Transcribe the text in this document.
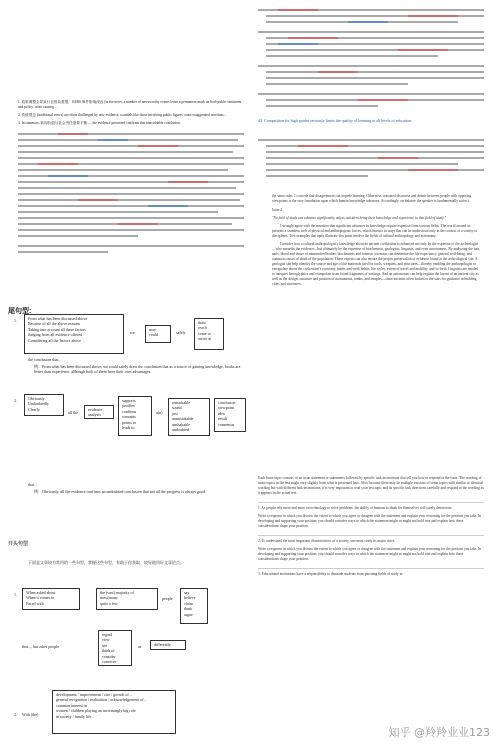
1. 政策调整会导致行业格局重塑，SARS 事件影响深远 (in the news, a number of newsworthy events leave a permanent mark on both public sentiment and policy, often causing...

2. 传统观念 (traditional views) are often challenged by new evidence; scandals like those involving public figures cause exaggerated reactions...

3. In summary, 新闻价值与社会责任需要平衡 — the evidence presented confirms this unavoidable conclusion.	43. Competition for high grades seriously limits the quality of learning at all levels of education.

the same rules. I concede that disagreement can impede learning. Otherwise, reasoned discourse and debate between people with opposing viewpoints is the very foundation upon which human knowledge advances. Accordingly, on balance the speaker is fundamentally correct.

Issue 2

"No field of study can advance significantly unless outsiders bring their knowledge and experience to that field of study."

I strongly agree with the assertion that significant advances in knowledge require expertise from various fields. The world around us presents a seamless web of physical and anthropogenic forces, which interact in ways that can be understood only in the context of a variety of disciplines. Two examples that aptly illustrate this point involve the fields of cultural anthropology and astronomy.

Consider how a cultural anthropologist's knowledge about an ancient civilization is enhanced not only by the expertise of the archeologist—who unearths the evidence—but ultimately by the expertise of biochemists, geologists, linguists, and even astronomers. By analyzing the hair, nails, blood and tissue of mummified bodies, biochemists and forensic scientists can determine the life expectancy, general well-being, and common causes of death of the population. These experts can also ensure the proper preservation of evidence found at the archeological site. A geologist can help identify the source and age of the materials used for tools, weapons, and structures—thereby enabling the anthropologist to extrapolate about the civilization's economy, trades and work habits, life styles, extent of travel and mobility, and so forth. Linguists are needed to interpret hieroglyphics and extrapolate from found fragments of writings. And an astronomer can help explain the layout of an ancient city as well as the design, structure and position of monuments, tombs, and temples—since ancients often looked to the stars for guidance in building cities and structures.

尾句型:
1.	From what has been discussed above
Because of all the above reasons
Taking into account all these factors
Judging from all evidence offered
Considering all the factors above
we
may
could	safely
draw
reach
come to
arrive at
the conclusion that...
例：From what has been discussed above, we could safely draw the conclusion that as a source of gaining knowledge, books are better than experience, although both of them have their own advantages.
2.	Obviously
Undoubtedly
Clearly
all the
evidence
analysis
supports
justifies
confirms
warrants
points to
leads to
a(n)
remarkable
sound
just
unmistakable
unshakable
undoubted
conclusion
viewpoint
idea
result
consensus
that...
例：Obviously, all the evidence confirms an undoubted conclusion that not all the progress is always good.
开头句型
下面是文章较为常用的一些句型，掌握这些句型，有助于你获取、较好地用好文章论点。
1. When asked about
When it comes to
Faced with
the (vast) majority of
most/many
quite a few
people
say
believe
claim
think
argue
that..., but other people
regard
view
see
think of
consider
conceive
as	differently
2. With (the)
development / improvement / rise / growth of...
general recognition / realization / acknowledgement of...
common interest in
women / children playing an increasingly big role
in society / family life,

Each Issue topic consists of an issue statement or statements followed by specific task instructions that tell you how to respond to the issue. The wording of some topics in the test might vary slightly from what is presented here. Also, because there may be multiple versions of some topics with similar or identical wording but with different task instructions, it is very important to read your test topic and its specific task directions carefully and respond to the wording as it appears in the actual test.

1. As people rely more and more on technology to solve problems, the ability of humans to think for themselves will surely deteriorate.

Write a response in which you discuss the extent to which you agree or disagree with the statement and explain your reasoning for the position you take. In developing and supporting your position, you should consider ways in which the statement might or might not hold true and explain how these considerations shape your position.

2. To understand the most important characteristics of a society, one must study its major cities.

Write a response in which you discuss the extent to which you agree or disagree with the statement and explain your reasoning for the position you take. In developing and supporting your position, you should consider ways in which the statement might or might not hold true and explain how these considerations shape your position.

3. Educational institutions have a responsibility to dissuade students from pursuing fields of study in

知乎 @羚羚业业123
